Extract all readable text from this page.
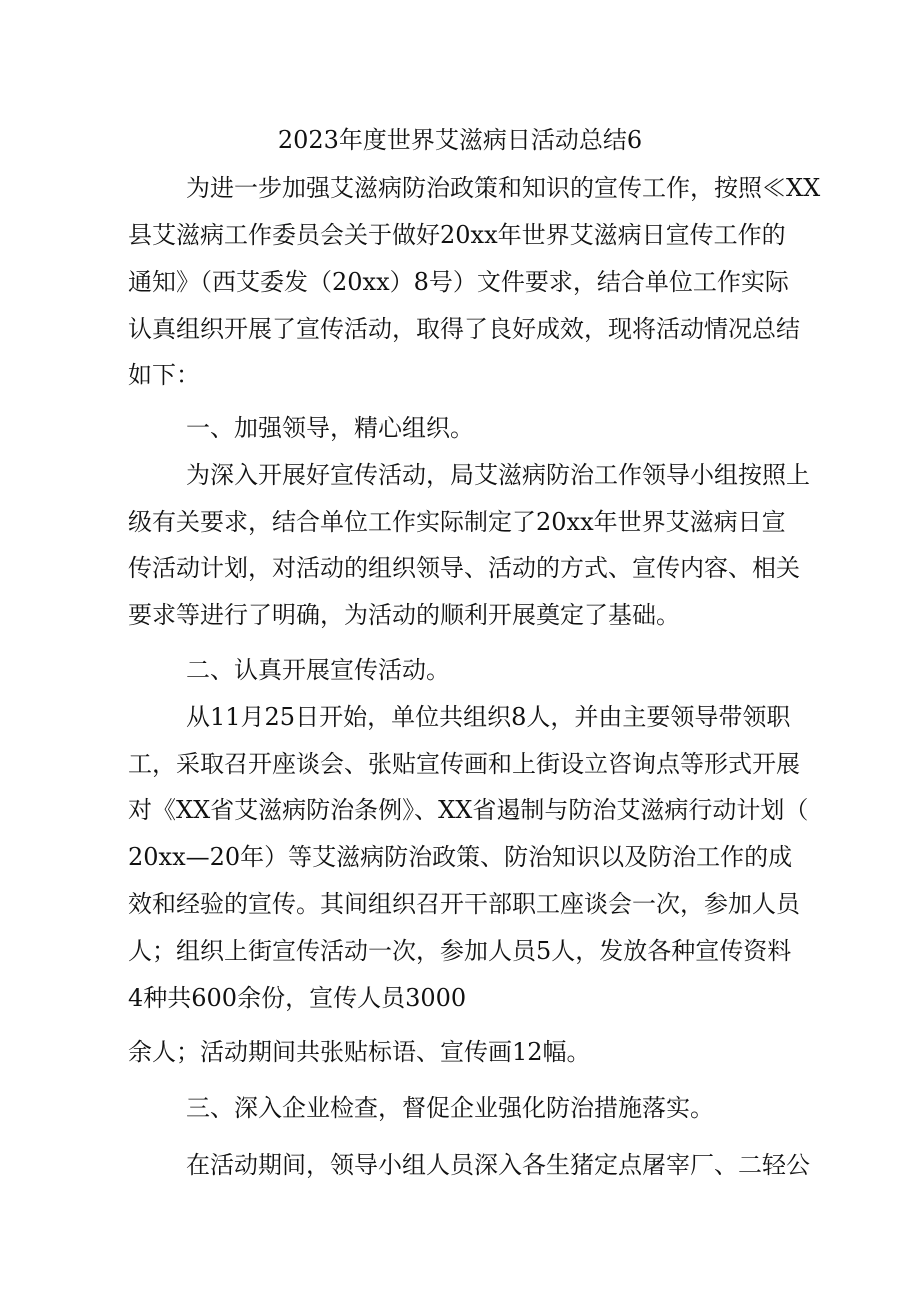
2023年度世界艾滋病日活动总结6
为进一步加强艾滋病防治政策和知识的宣传工作，按照≪XX
县艾滋病工作委员会关于做好20xx年世界艾滋病日宣传工作的
通知》（西艾委发（20xx）8号）文件要求，结合单位工作实际
认真组织开展了宣传活动，取得了良好成效，现将活动情况总结
如下：
一、加强领导，精心组织。
为深入开展好宣传活动，局艾滋病防治工作领导小组按照上
级有关要求，结合单位工作实际制定了20xx年世界艾滋病日宣
传活动计划，对活动的组织领导、活动的方式、宣传内容、相关
要求等进行了明确，为活动的顺利开展奠定了基础。
二、认真开展宣传活动。
从11月25日开始，单位共组织8人，并由主要领导带领职
工，采取召开座谈会、张贴宣传画和上街设立咨询点等形式开展
对《XX省艾滋病防治条例》、XX省遏制与防治艾滋病行动计划（
20xx—20年）等艾滋病防治政策、防治知识以及防治工作的成
效和经验的宣传。其间组织召开干部职工座谈会一次，参加人员
人；组织上街宣传活动一次，参加人员5人，发放各种宣传资料
4种共600余份，宣传人员3000
余人；活动期间共张贴标语、宣传画12幅。
三、深入企业检查，督促企业强化防治措施落实。
在活动期间，领导小组人员深入各生猪定点屠宰厂、二轻公
